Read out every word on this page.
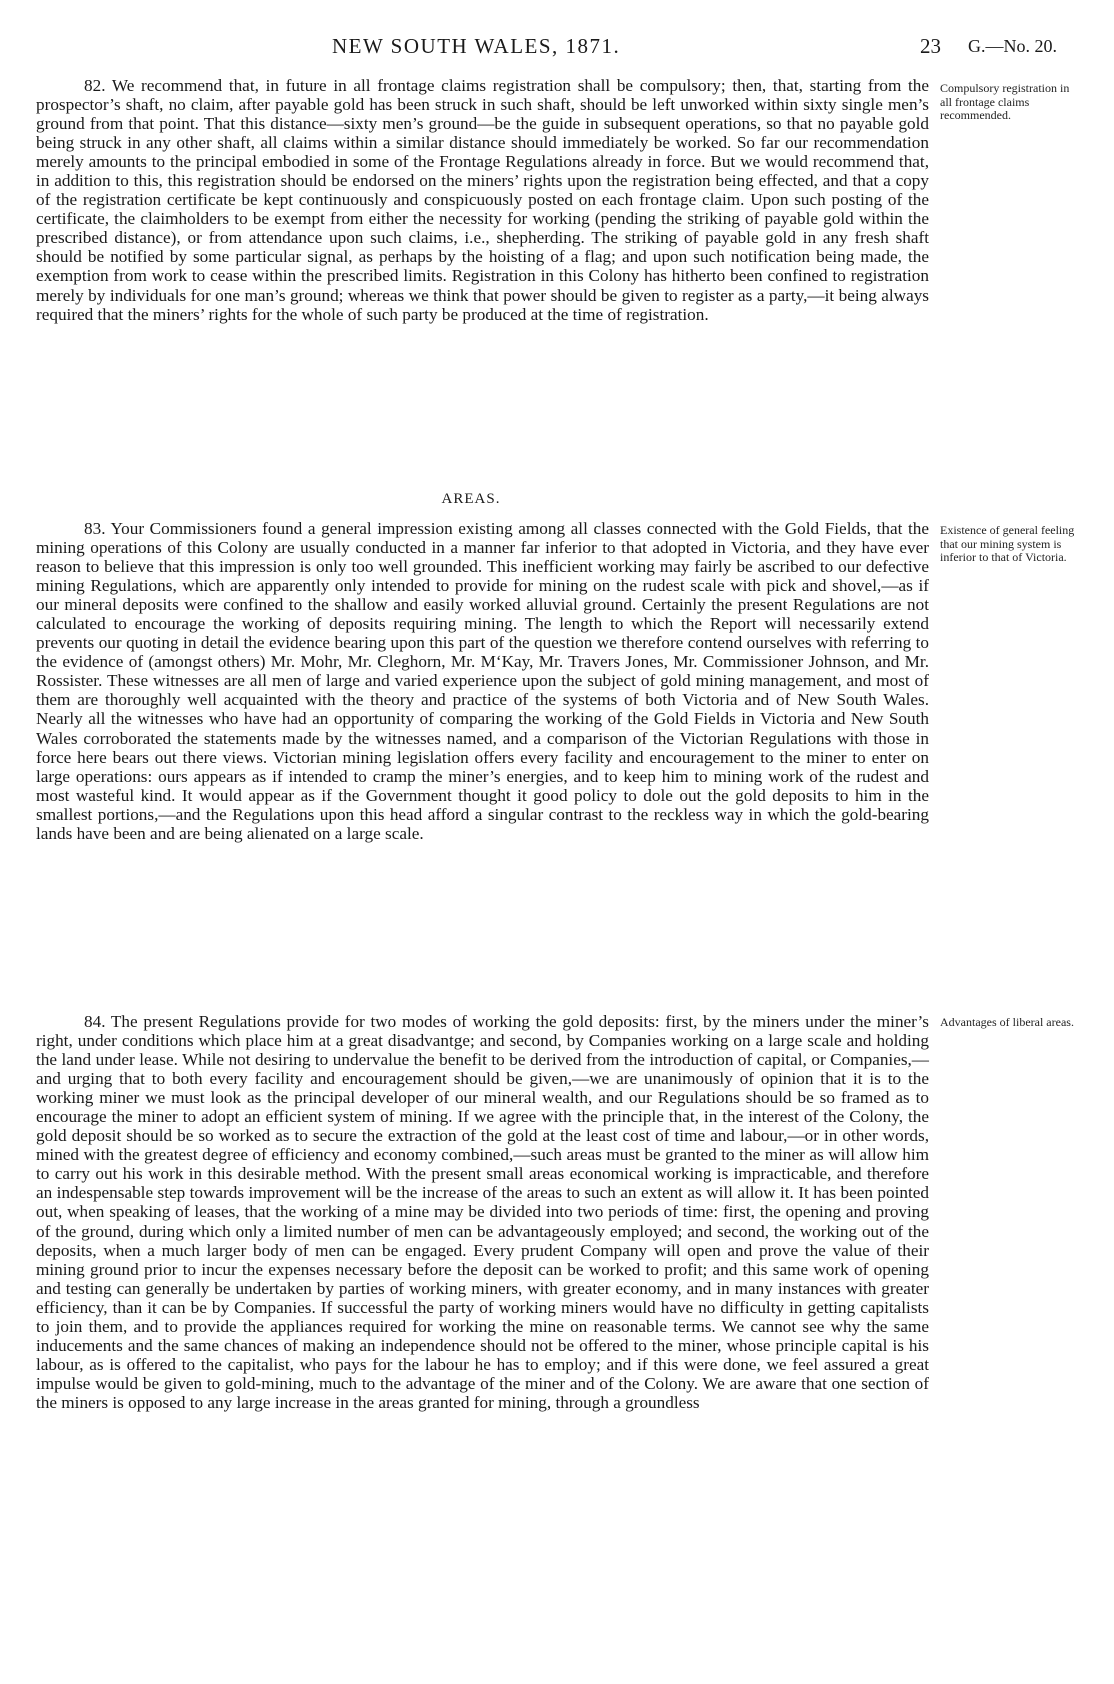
NEW SOUTH WALES, 1871.	23 G.—No. 20.

82. We recommend that, in future in all frontage claims registration shall be compulsory; then, that, starting from the prospector’s shaft, no claim, after payable gold has been struck in such shaft, should be left unworked within sixty single men’s ground from that point. That this distance—sixty men’s ground—be the guide in subsequent operations, so that no payable gold being struck in any other shaft, all claims within a similar distance should immediately be worked. So far our recommendation merely amounts to the principal embodied in some of the Frontage Regulations already in force. But we would recommend that, in addition to this, this registration should be endorsed on the miners’ rights upon the registration being effected, and that a copy of the registration certificate be kept continuously and conspicuously posted on each frontage claim. Upon such posting of the certificate, the claimholders to be exempt from either the necessity for working (pending the striking of payable gold within the prescribed distance), or from attendance upon such claims, i.e., shepherding. The striking of payable gold in any fresh shaft should be notified by some particular signal, as perhaps by the hoisting of a flag; and upon such notification being made, the exemption from work to cease within the prescribed limits. Registration in this Colony has hitherto been confined to registration merely by individuals for one man’s ground; whereas we think that power should be given to register as a party,—it being always required that the miners’ rights for the whole of such party be produced at the time of registration.

Compulsory registration in all frontage claims recommended.
AREAS.

83. Your Commissioners found a general impression existing among all classes connected with the Gold Fields, that the mining operations of this Colony are usually conducted in a manner far inferior to that adopted in Victoria, and they have ever reason to believe that this impression is only too well grounded. This inefficient working may fairly be ascribed to our defective mining Regulations, which are apparently only intended to provide for mining on the rudest scale with pick and shovel,—as if our mineral deposits were confined to the shallow and easily worked alluvial ground. Certainly the present Regulations are not calculated to encourage the working of deposits requiring mining. The length to which the Report will necessarily extend prevents our quoting in detail the evidence bearing upon this part of the question we therefore contend ourselves with referring to the evidence of (amongst others) Mr. Mohr, Mr. Cleghorn, Mr. M‘Kay, Mr. Travers Jones, Mr. Commissioner Johnson, and Mr. Rossister. These witnesses are all men of large and varied experience upon the subject of gold mining management, and most of them are thoroughly well acquainted with the theory and practice of the systems of both Victoria and of New South Wales. Nearly all the witnesses who have had an opportunity of comparing the working of the Gold Fields in Victoria and New South Wales corroborated the statements made by the witnesses named, and a comparison of the Victorian Regulations with those in force here bears out there views. Victorian mining legislation offers every facility and encouragement to the miner to enter on large operations: ours appears as if intended to cramp the miner’s energies, and to keep him to mining work of the rudest and most wasteful kind. It would appear as if the Government thought it good policy to dole out the gold deposits to him in the smallest portions,—and the Regulations upon this head afford a singular contrast to the reckless way in which the gold-bearing lands have been and are being alienated on a large scale.

Existence of general feeling that our mining system is inferior to that of Victoria.

84. The present Regulations provide for two modes of working the gold deposits: first, by the miners under the miner’s right, under conditions which place him at a great disadvantge; and second, by Companies working on a large scale and holding the land under lease. While not desiring to undervalue the benefit to be derived from the introduction of capital, or Companies,—and urging that to both every facility and encouragement should be given,—we are unanimously of opinion that it is to the working miner we must look as the principal developer of our mineral wealth, and our Regulations should be so framed as to encourage the miner to adopt an efficient system of mining. If we agree with the principle that, in the interest of the Colony, the gold deposit should be so worked as to secure the extraction of the gold at the least cost of time and labour,—or in other words, mined with the greatest degree of efficiency and economy combined,—such areas must be granted to the miner as will allow him to carry out his work in this desirable method. With the present small areas economical working is impracticable, and therefore an indespensable step towards improvement will be the increase of the areas to such an extent as will allow it. It has been pointed out, when speaking of leases, that the working of a mine may be divided into two periods of time: first, the opening and proving of the ground, during which only a limited number of men can be advantageously employed; and second, the working out of the deposits, when a much larger body of men can be engaged. Every prudent Company will open and prove the value of their mining ground prior to incur the expenses necessary before the deposit can be worked to profit; and this same work of opening and testing can generally be undertaken by parties of working miners, with greater economy, and in many instances with greater efficiency, than it can be by Companies. If successful the party of working miners would have no difficulty in getting capitalists to join them, and to provide the appliances required for working the mine on reasonable terms. We cannot see why the same inducements and the same chances of making an independence should not be offered to the miner, whose principle capital is his labour, as is offered to the capitalist, who pays for the labour he has to employ; and if this were done, we feel assured a great impulse would be given to gold-mining, much to the advantage of the miner and of the Colony. We are aware that one section of the miners is opposed to any large increase in the areas granted for mining, through a groundless

Advantages of liberal areas.
